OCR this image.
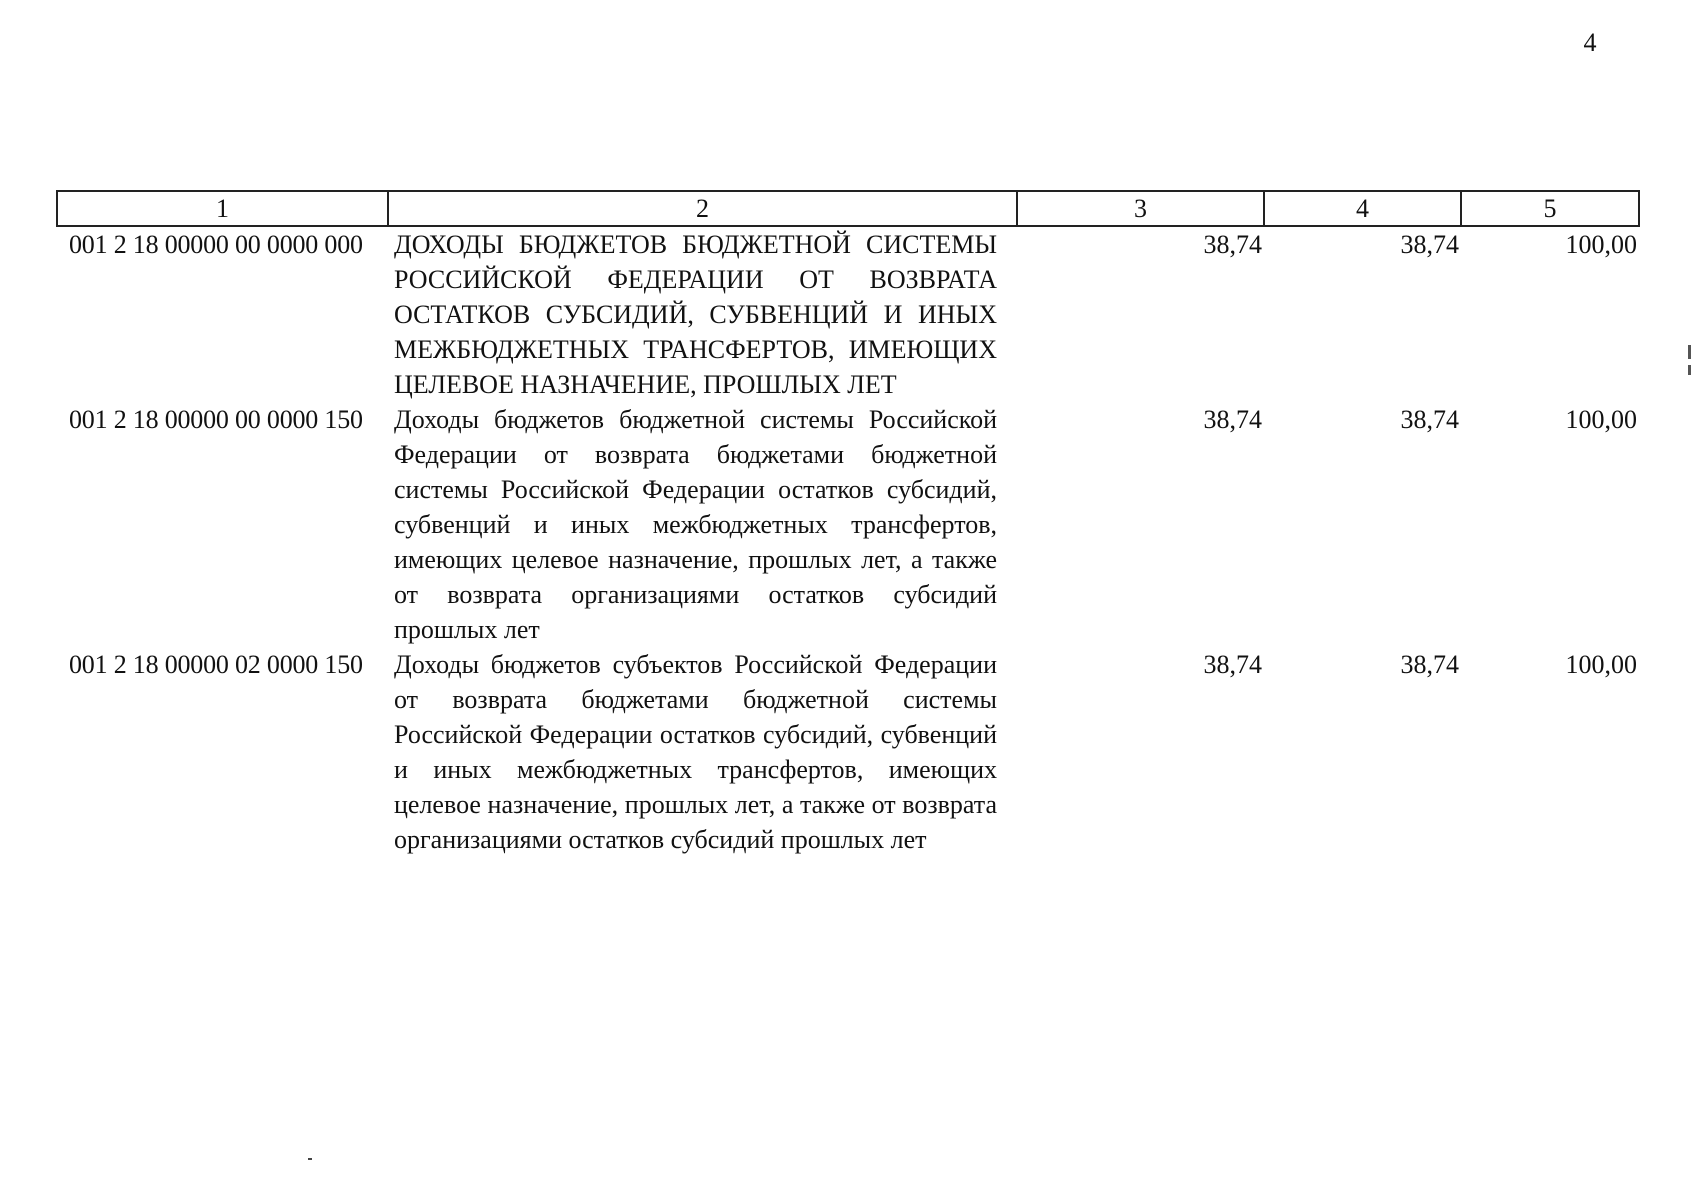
4
1	2	3	4	5
001 2 18 00000 00 0000 000	ДОХОДЫ БЮДЖЕТОВ БЮДЖЕТНОЙ СИСТЕМЫ РОССИЙСКОЙ ФЕДЕРАЦИИ ОТ ВОЗВРАТА ОСТАТКОВ СУБСИДИЙ, СУБВЕНЦИЙ И ИНЫХ МЕЖБЮДЖЕТНЫХ ТРАНСФЕРТОВ, ИМЕЮЩИХ ЦЕЛЕВОЕ НАЗНАЧЕНИЕ, ПРОШЛЫХ ЛЕТ	38,74	38,74	100,00
001 2 18 00000 00 0000 150	Доходы бюджетов бюджетной системы Российской Федерации от возврата бюджетами бюджетной системы Российской Федерации остатков субсидий, субвенций и иных межбюджетных трансфертов, имеющих целевое назначение, прошлых лет, а также от возврата организациями остатков субсидий прошлых лет	38,74	38,74	100,00
001 2 18 00000 02 0000 150	Доходы бюджетов субъектов Российской Федерации от возврата бюджетами бюджетной системы Российской Федерации остатков субсидий, субвенций и иных межбюджетных трансфертов, имеющих целевое назначение, прошлых лет, а также от возврата организациями остатков субсидий прошлых лет	38,74	38,74	100,00
